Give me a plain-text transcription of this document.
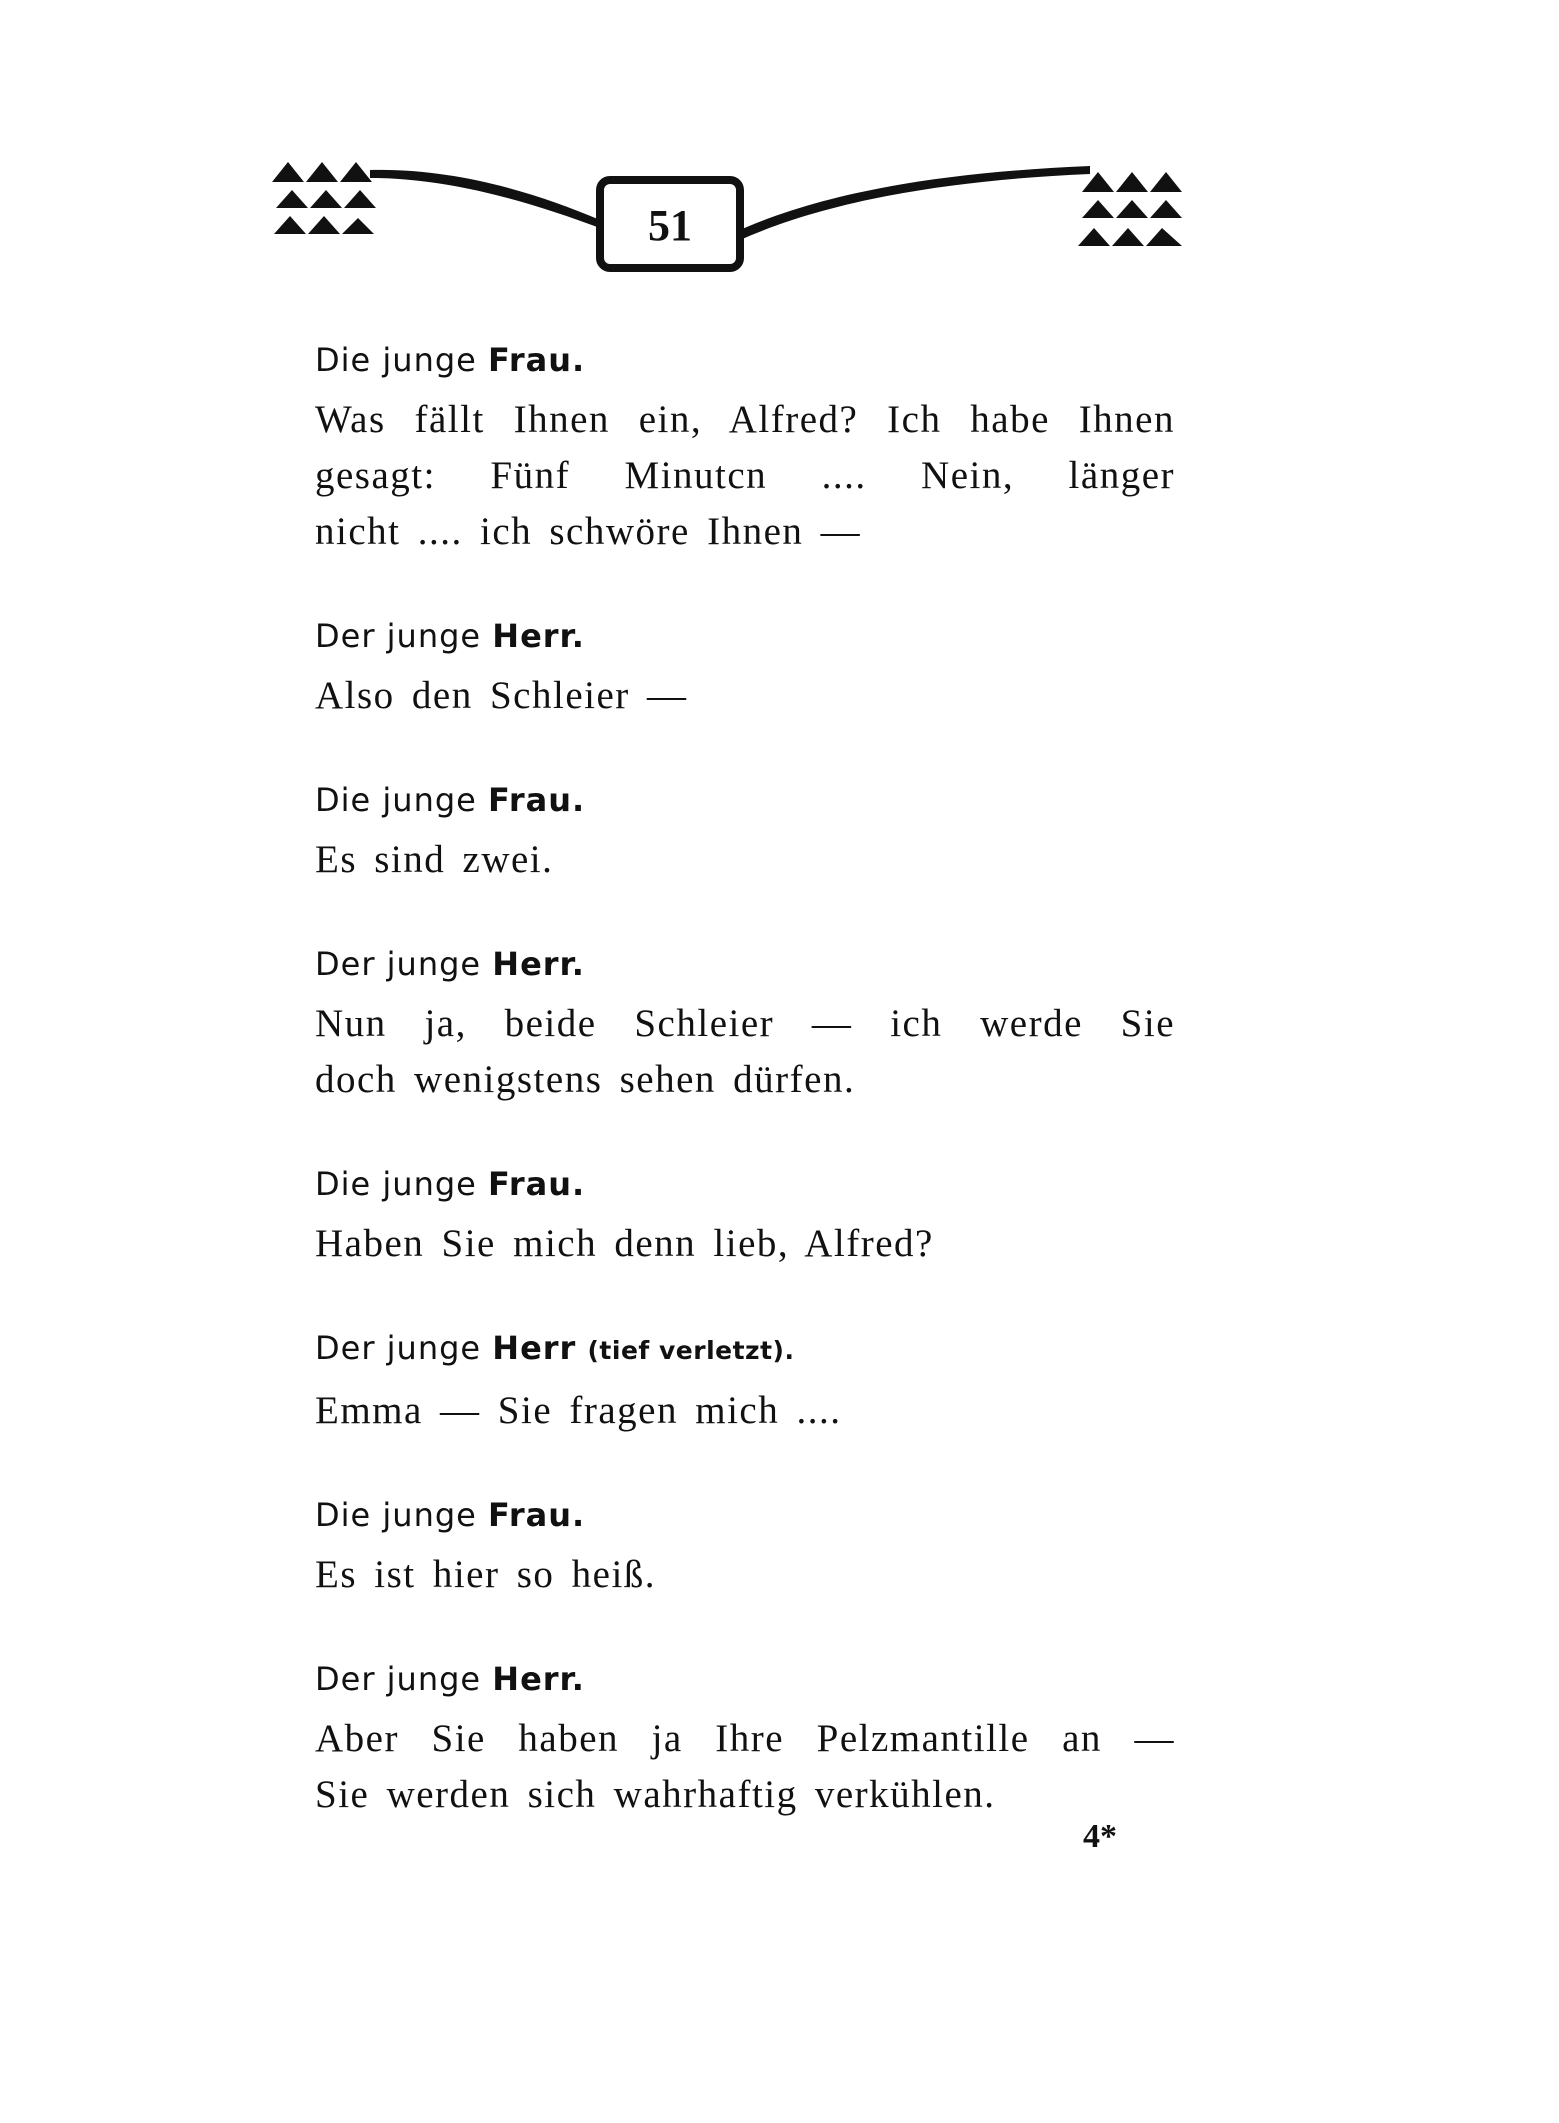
51
Die junge Frau.

Was fällt Ihnen ein, Alfred? Ich habe Ihnen

gesagt: Fünf Minutcn .... Nein, länger

nicht .... ich schwöre Ihnen —

Der junge Herr.

Also den Schleier —

Die junge Frau.

Es sind zwei.

Der junge Herr.

Nun ja, beide Schleier — ich werde Sie

doch wenigstens sehen dürfen.

Die junge Frau.

Haben Sie mich denn lieb, Alfred?

Der junge Herr (tief verletzt).

Emma — Sie fragen mich ....

Die junge Frau.

Es ist hier so heiß.

Der junge Herr.

Aber Sie haben ja Ihre Pelzmantille an —

Sie werden sich wahrhaftig verkühlen.

4*
